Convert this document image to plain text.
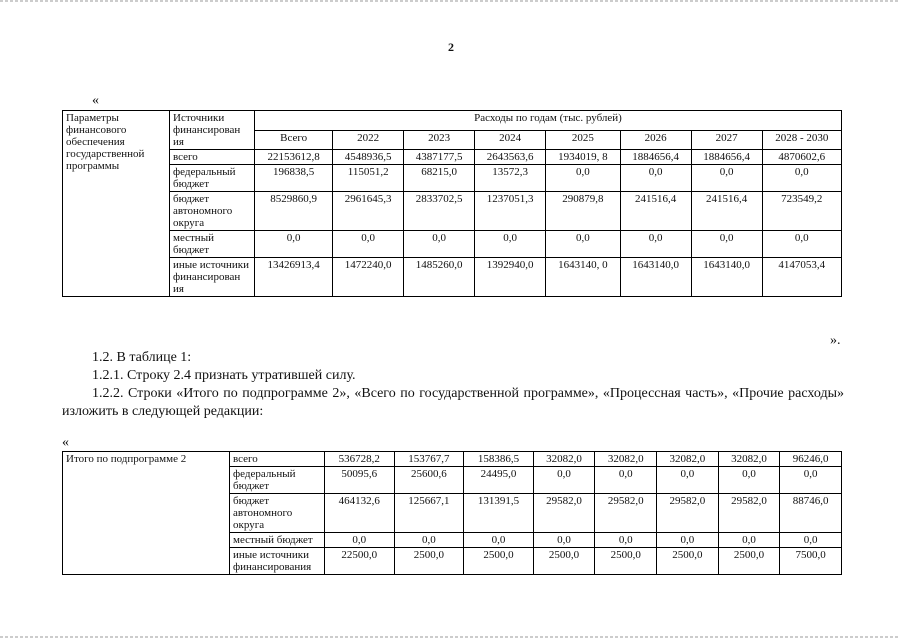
2
«
Параметры финансового обеспечения государственной программы	Источники финансирован ия	Расходы по годам (тыс. рублей)							
		Всего	2022	2023	2024	2025	2026	2027	2028 - 2030
	всего	22153612,8	4548936,5	4387177,5	2643563,6	1934019, 8	1884656,4	1884656,4	4870602,6
	федеральный бюджет	196838,5	115051,2	68215,0	13572,3	0,0	0,0	0,0	0,0
	бюджет автономного округа	8529860,9	2961645,3	2833702,5	1237051,3	290879,8	241516,4	241516,4	723549,2
	местный бюджет	0,0	0,0	0,0	0,0	0,0	0,0	0,0	0,0
	иные источники финансирован ия	13426913,4	1472240,0	1485260,0	1392940,0	1643140, 0	1643140,0	1643140,0	4147053,4
».
1.2. В таблице 1:
1.2.1. Строку 2.4 признать утратившей силу.
1.2.2. Строки «Итого по подпрограмме 2», «Всего по государственной программе», «Процессная часть», «Прочие расходы» изложить в следующей редакции:
«
Итого по подпрограмме 2	всего	536728,2	153767,7	158386,5	32082,0	32082,0	32082,0	32082,0	96246,0
	федеральный бюджет	50095,6	25600,6	24495,0	0,0	0,0	0,0	0,0	0,0
	бюджет автономного округа	464132,6	125667,1	131391,5	29582,0	29582,0	29582,0	29582,0	88746,0
	местный бюджет	0,0	0,0	0,0	0,0	0,0	0,0	0,0	0,0
	иные источники финансирования	22500,0	2500,0	2500,0	2500,0	2500,0	2500,0	2500,0	7500,0
